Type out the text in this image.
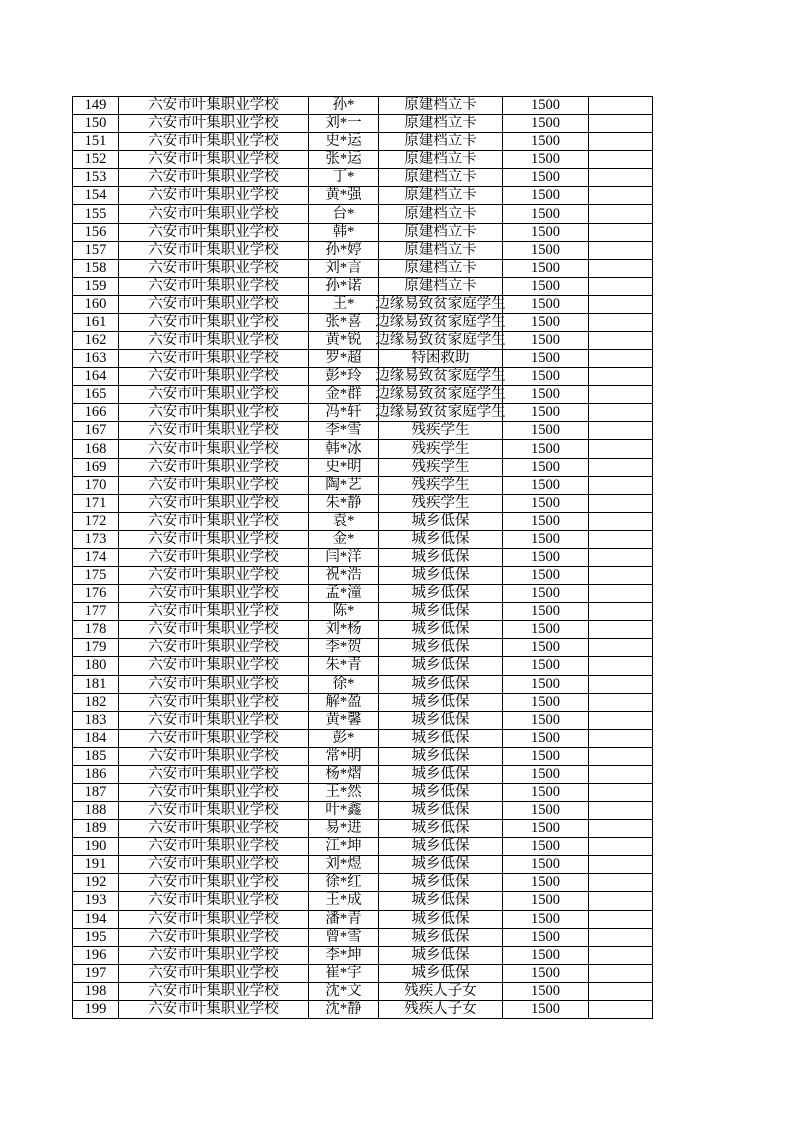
149	六安市叶集职业学校	孙*	原建档立卡	1500
150	六安市叶集职业学校	刘*一	原建档立卡	1500
151	六安市叶集职业学校	史*运	原建档立卡	1500
152	六安市叶集职业学校	张*运	原建档立卡	1500
153	六安市叶集职业学校	丁*	原建档立卡	1500
154	六安市叶集职业学校	黄*强	原建档立卡	1500
155	六安市叶集职业学校	台*	原建档立卡	1500
156	六安市叶集职业学校	韩*	原建档立卡	1500
157	六安市叶集职业学校	孙*婷	原建档立卡	1500
158	六安市叶集职业学校	刘*言	原建档立卡	1500
159	六安市叶集职业学校	孙*诺	原建档立卡	1500
160	六安市叶集职业学校	王*	边缘易致贫家庭学生	1500
161	六安市叶集职业学校	张*喜 边缘易致贫家庭学生	1500
162	六安市叶集职业学校	黄*锐 边缘易致贫家庭学生	1500
163	六安市叶集职业学校	罗*超	特困救助	1500
164	六安市叶集职业学校	彭*玲 边缘易致贫家庭学生	1500
165	六安市叶集职业学校	金*群 边缘易致贫家庭学生	1500
166	六安市叶集职业学校	冯*轩 边缘易致贫家庭学生	1500
167	六安市叶集职业学校	李*雪	残疾学生	1500
168	六安市叶集职业学校	韩*冰	残疾学生	1500
169	六安市叶集职业学校	史*明	残疾学生	1500
170	六安市叶集职业学校	陶*艺	残疾学生	1500
171	六安市叶集职业学校	朱*静	残疾学生	1500
172	六安市叶集职业学校	袁*	城乡低保	1500
173	六安市叶集职业学校	金*	城乡低保	1500
174	六安市叶集职业学校	闫*洋	城乡低保	1500
175	六安市叶集职业学校	祝*浩	城乡低保	1500
176	六安市叶集职业学校	孟*潼	城乡低保	1500
177	六安市叶集职业学校	陈*	城乡低保	1500
178	六安市叶集职业学校	刘*杨	城乡低保	1500
179	六安市叶集职业学校	李*贺	城乡低保	1500
180	六安市叶集职业学校	朱*青	城乡低保	1500
181	六安市叶集职业学校	徐*	城乡低保	1500
182	六安市叶集职业学校	解*盈	城乡低保	1500
183	六安市叶集职业学校	黄*馨	城乡低保	1500
184	六安市叶集职业学校	彭*	城乡低保	1500
185	六安市叶集职业学校	常*明	城乡低保	1500
186	六安市叶集职业学校	杨*熠	城乡低保	1500
187	六安市叶集职业学校	王*然	城乡低保	1500
188	六安市叶集职业学校	叶*鑫	城乡低保	1500
189	六安市叶集职业学校	易*进	城乡低保	1500
190	六安市叶集职业学校	江*坤	城乡低保	1500
191	六安市叶集职业学校	刘*煜	城乡低保	1500
192	六安市叶集职业学校	徐*红	城乡低保	1500
193	六安市叶集职业学校	王*成	城乡低保	1500
194	六安市叶集职业学校	潘*青	城乡低保	1500
195	六安市叶集职业学校	曾*雪	城乡低保	1500
196	六安市叶集职业学校	李*坤	城乡低保	1500
197	六安市叶集职业学校	崔*宇	城乡低保	1500
198	六安市叶集职业学校	沈*文	残疾人子女	1500
199	六安市叶集职业学校	沈*静	残疾人子女	1500
